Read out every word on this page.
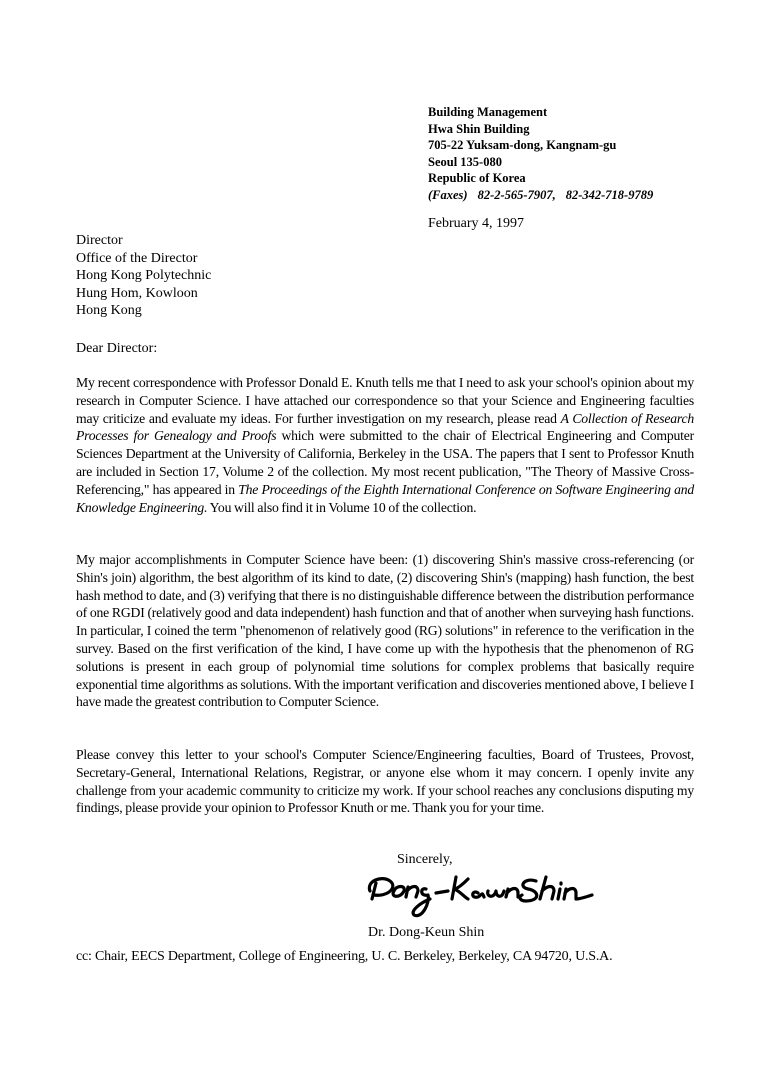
Building Management
Hwa Shin Building
705-22 Yuksam-dong, Kangnam-gu
Seoul 135-080
Republic of Korea
(Faxes) 82-2-565-7907, 82-342-718-9789
February 4, 1997
Director
Office of the Director
Hong Kong Polytechnic
Hung Hom, Kowloon
Hong Kong
Dear Director:

My recent correspondence with Professor Donald E. Knuth tells me that I need to ask your school's opinion about my research in Computer Science. I have attached our correspondence so that your Science and Engineering faculties may criticize and evaluate my ideas. For further investigation on my research, please read A Collection of Research Processes for Genealogy and Proofs which were submitted to the chair of Electrical Engineering and Computer Sciences Department at the University of California, Berkeley in the USA. The papers that I sent to Professor Knuth are included in Section 17, Volume 2 of the collection. My most recent publication, "The Theory of Massive Cross-Referencing," has appeared in The Proceedings of the Eighth International Conference on Software Engineering and Knowledge Engineering. You will also find it in Volume 10 of the collection.

My major accomplishments in Computer Science have been: (1) discovering Shin's massive cross-referencing (or Shin's join) algorithm, the best algorithm of its kind to date, (2) discovering Shin's (mapping) hash function, the best hash method to date, and (3) verifying that there is no distinguishable difference between the distribution performance of one RGDI (relatively good and data independent) hash function and that of another when surveying hash functions. In particular, I coined the term "phenomenon of relatively good (RG) solutions" in reference to the verification in the survey. Based on the first verification of the kind, I have come up with the hypothesis that the phenomenon of RG solutions is present in each group of polynomial time solutions for complex problems that basically require exponential time algorithms as solutions. With the important verification and discoveries mentioned above, I believe I have made the greatest contribution to Computer Science.

Please convey this letter to your school's Computer Science/Engineering faculties, Board of Trustees, Provost, Secretary-General, International Relations, Registrar, or anyone else whom it may concern. I openly invite any challenge from your academic community to criticize my work. If your school reaches any conclusions disputing my findings, please provide your opinion to Professor Knuth or me. Thank you for your time.

Sincerely,
Dr. Dong-Keun Shin
cc: Chair, EECS Department, College of Engineering, U. C. Berkeley, Berkeley, CA 94720, U.S.A.
